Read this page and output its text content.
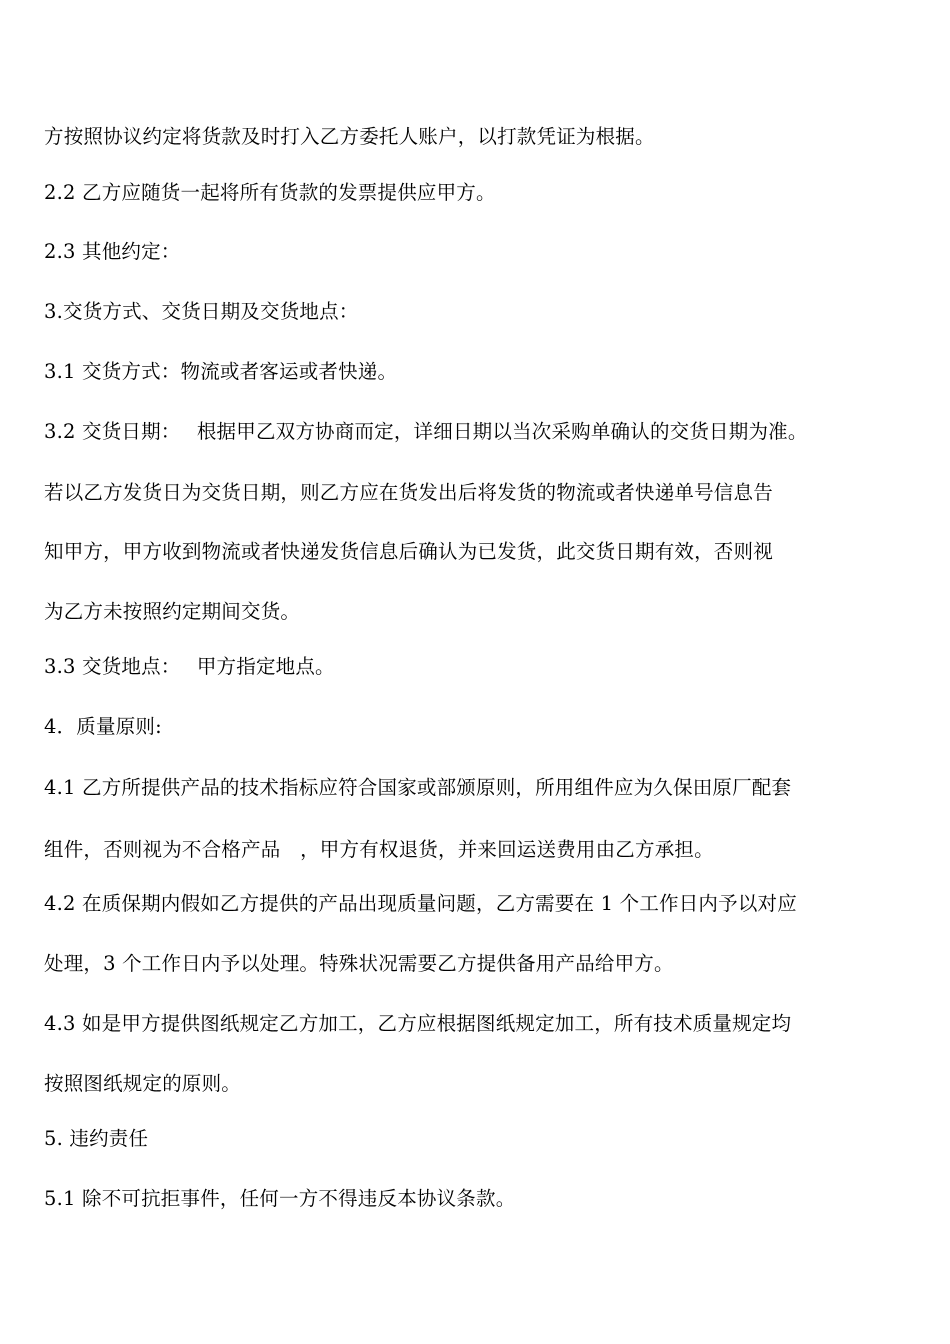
方按照协议约定将货款及时打入乙方委托人账户，以打款凭证为根据。
2.2 乙方应随货一起将所有货款的发票提供应甲方。
2.3 其他约定：
3.交货方式、交货日期及交货地点：
3.1 交货方式：物流或者客运或者快递。
3.2 交货日期：　 根据甲乙双方协商而定，详细日期以当次采购单确认的交货日期为准。
若以乙方发货日为交货日期，则乙方应在货发出后将发货的物流或者快递单号信息告
知甲方，甲方收到物流或者快递发货信息后确认为已发货，此交货日期有效，否则视
为乙方未按照约定期间交货。
3.3 交货地点：　 甲方指定地点。
4．质量原则:
4.1 乙方所提供产品的技术指标应符合国家或部颁原则，所用组件应为久保田原厂配套
组件，否则视为不合格产品　，甲方有权退货，并来回运送费用由乙方承担。
4.2 在质保期内假如乙方提供的产品出现质量问题，乙方需要在 1 个工作日内予以对应
处理，3 个工作日内予以处理。特殊状况需要乙方提供备用产品给甲方。
4.3 如是甲方提供图纸规定乙方加工，乙方应根据图纸规定加工，所有技术质量规定均
按照图纸规定的原则。
5. 违约责任
5.1 除不可抗拒事件，任何一方不得违反本协议条款。
